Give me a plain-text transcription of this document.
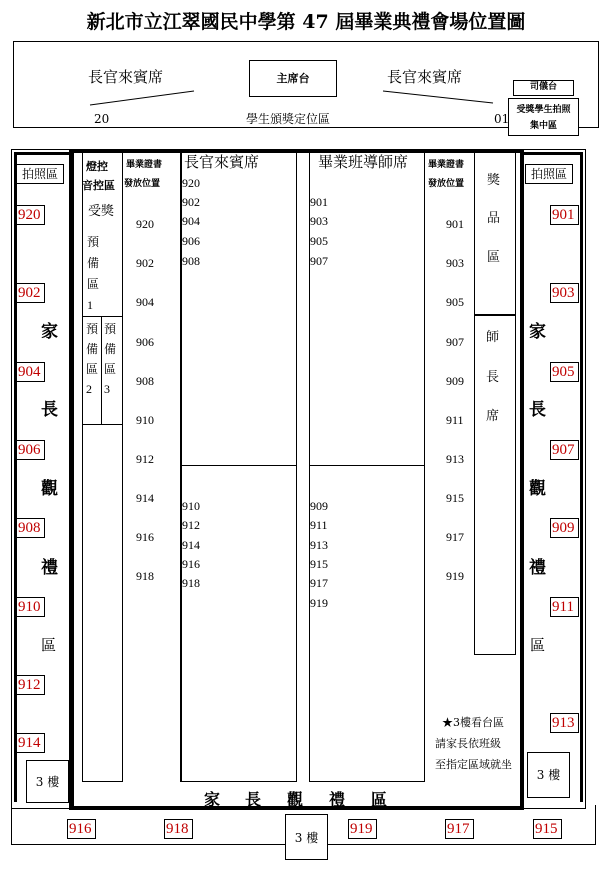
新北市立江翠國民中學第 47 屆畢業典禮會場位置圖
長官來賓席	主席台	長官來賓席
司儀台
受獎學生拍照
集中區
20	學生頒獎定位區	01
拍照區	拍照區
920
902
904
906
908
910
912
914
家
長
觀
禮
區
901
903
905
907
909
911
913
家
長
觀
禮
區
3 樓	3 樓
3 樓
家 長 觀 禮 區
916	918	919	917	915
燈控
音控區
受獎
預
備
區
1
預
備
區
2
預
備
區
3
畢業證書
發放位置
920
902
904
906
908
910
912
914
916
918
長官來賓席
920
902
904
906
908
910
912
914
916
918
畢業班導師席
901
903
905
907
909
911
913
915
917
919
畢業證書
發放位置
901
903
905
907
909
911
913
915
917
919
獎
品
區
師
長
席
★3樓看台區
請家長依班級
至指定區域就坐
